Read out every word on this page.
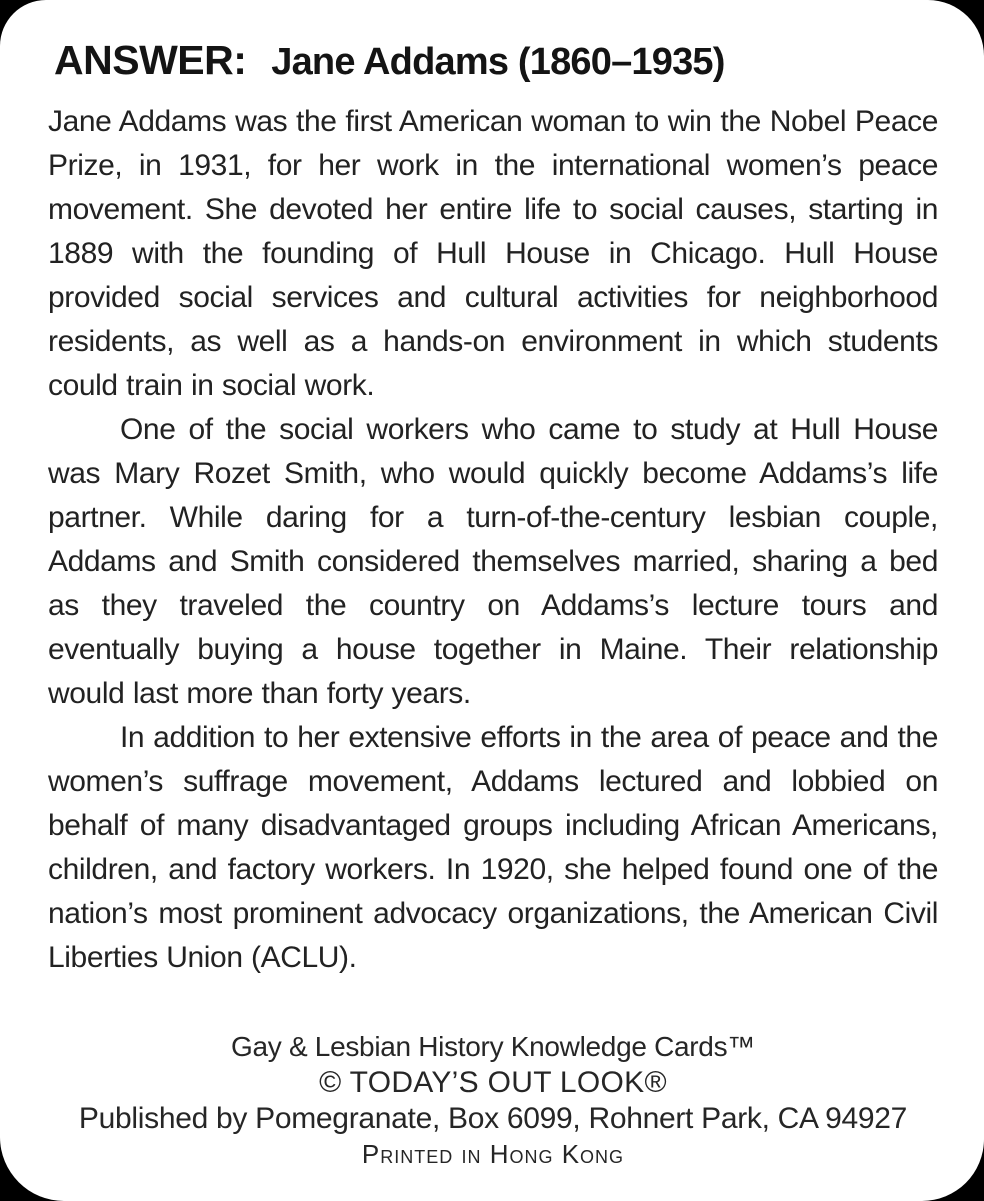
ANSWER: Jane Addams (1860–1935)

Jane Addams was the first American woman to win the Nobel Peace Prize, in 1931, for her work in the international women’s peace movement. She devoted her entire life to social causes, starting in 1889 with the founding of Hull House in Chicago. Hull House provided social services and cultural activities for neighborhood residents, as well as a hands-on environment in which students could train in social work.

One of the social workers who came to study at Hull House was Mary Rozet Smith, who would quickly become Addams’s life partner. While daring for a turn-of-the-century lesbian couple, Addams and Smith considered themselves married, sharing a bed as they traveled the country on Addams’s lecture tours and eventually buying a house together in Maine. Their relationship would last more than forty years.

In addition to her extensive efforts in the area of peace and the women’s suffrage movement, Addams lectured and lobbied on behalf of many disadvantaged groups including African Americans, children, and factory workers. In 1920, she helped found one of the nation’s most prominent advocacy organizations, the American Civil Liberties Union (ACLU).

Gay & Lesbian History Knowledge Cards™
© TODAY’S OUT LOOK®
Published by Pomegranate, Box 6099, Rohnert Park, CA 94927
Printed in Hong Kong
